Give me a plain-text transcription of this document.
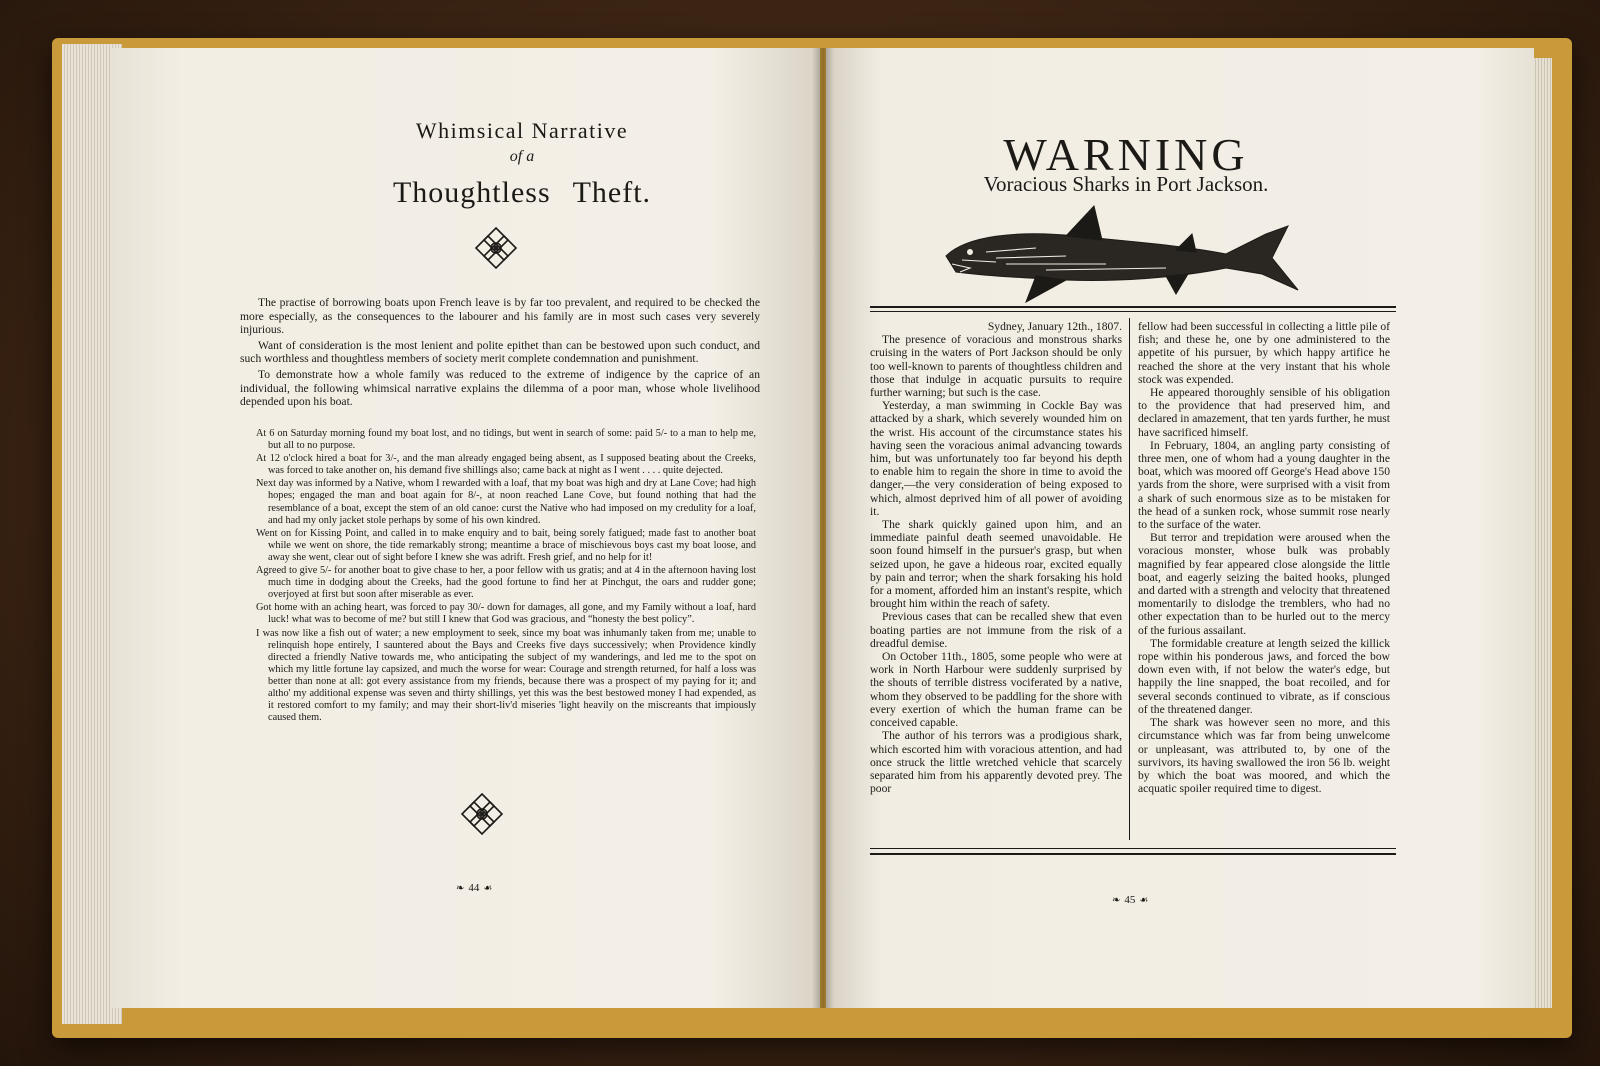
Whimsical Narrative
of a
Thoughtless Theft.

The practise of borrowing boats upon French leave is by far too prevalent, and required to be checked the more especially, as the consequences to the labourer and his family are in most such cases very severely injurious.

Want of consideration is the most lenient and polite epithet than can be bestowed upon such conduct, and such worthless and thoughtless members of society merit complete condemnation and punishment.

To demonstrate how a whole family was reduced to the extreme of indigence by the caprice of an individual, the following whimsical narrative explains the dilemma of a poor man, whose whole livelihood depended upon his boat.

At 6 on Saturday morning found my boat lost, and no tidings, but went in search of some: paid 5/- to a man to help me, but all to no purpose.

At 12 o'clock hired a boat for 3/-, and the man already engaged being absent, as I supposed beating about the Creeks, was forced to take another on, his demand five shillings also; came back at night as I went . . . . quite dejected.

Next day was informed by a Native, whom I rewarded with a loaf, that my boat was high and dry at Lane Cove; had high hopes; engaged the man and boat again for 8/-, at noon reached Lane Cove, but found nothing that had the resemblance of a boat, except the stem of an old canoe: curst the Native who had imposed on my credulity for a loaf, and had my only jacket stole perhaps by some of his own kindred.

Went on for Kissing Point, and called in to make enquiry and to bait, being sorely fatigued; made fast to another boat while we went on shore, the tide remarkably strong; meantime a brace of mischievous boys cast my boat loose, and away she went, clear out of sight before I knew she was adrift. Fresh grief, and no help for it!

Agreed to give 5/- for another boat to give chase to her, a poor fellow with us gratis; and at 4 in the afternoon having lost much time in dodging about the Creeks, had the good fortune to find her at Pinchgut, the oars and rudder gone; overjoyed at first but soon after miserable as ever.

Got home with an aching heart, was forced to pay 30/- down for damages, all gone, and my Family without a loaf, hard luck! what was to become of me? but still I knew that God was gracious, and “honesty the best policy”.

I was now like a fish out of water; a new employment to seek, since my boat was inhumanly taken from me; unable to relinquish hope entirely, I sauntered about the Bays and Creeks five days successively; when Providence kindly directed a friendly Native towards me, who anticipating the subject of my wanderings, and led me to the spot on which my little fortune lay capsized, and much the worse for wear: Courage and strength returned, for half a loss was better than none at all: got every assistance from my friends, because there was a prospect of my paying for it; and altho' my additional expense was seven and thirty shillings, yet this was the best bestowed money I had expended, as it restored comfort to my family; and may their short-liv'd miseries 'light heavily on the miscreants that impiously caused them.

❧ 44 ☙
WARNING
Voracious Sharks in Port Jackson.

Sydney, January 12th., 1807.

The presence of voracious and monstrous sharks cruising in the waters of Port Jackson should be only too well-known to parents of thoughtless children and those that indulge in acquatic pursuits to require further warning; but such is the case.

Yesterday, a man swimming in Cockle Bay was attacked by a shark, which severely wounded him on the wrist. His account of the circumstance states his having seen the voracious animal advancing towards him, but was unfortunately too far beyond his depth to enable him to regain the shore in time to avoid the danger,—the very consideration of being exposed to which, almost deprived him of all power of avoiding it.

The shark quickly gained upon him, and an immediate painful death seemed unavoidable. He soon found himself in the pursuer's grasp, but when seized upon, he gave a hideous roar, excited equally by pain and terror; when the shark forsaking his hold for a moment, afforded him an instant's respite, which brought him within the reach of safety.

Previous cases that can be recalled shew that even boating parties are not immune from the risk of a dreadful demise.

On October 11th., 1805, some people who were at work in North Harbour were suddenly surprised by the shouts of terrible distress vociferated by a native, whom they observed to be paddling for the shore with every exertion of which the human frame can be conceived capable.

The author of his terrors was a prodigious shark, which escorted him with voracious attention, and had once struck the little wretched vehicle that scarcely separated him from his apparently devoted prey. The poor

fellow had been successful in collecting a little pile of fish; and these he, one by one administered to the appetite of his pursuer, by which happy artifice he reached the shore at the very instant that his whole stock was expended.

He appeared thoroughly sensible of his obligation to the providence that had preserved him, and declared in amazement, that ten yards further, he must have sacrificed himself.

In February, 1804, an angling party consisting of three men, one of whom had a young daughter in the boat, which was moored off George's Head above 150 yards from the shore, were surprised with a visit from a shark of such enormous size as to be mistaken for the head of a sunken rock, whose summit rose nearly to the surface of the water.

But terror and trepidation were aroused when the voracious monster, whose bulk was probably magnified by fear appeared close alongside the little boat, and eagerly seizing the baited hooks, plunged and darted with a strength and velocity that threatened momentarily to dislodge the tremblers, who had no other expectation than to be hurled out to the mercy of the furious assailant.

The formidable creature at length seized the killick rope within his ponderous jaws, and forced the bow down even with, if not below the water's edge, but happily the line snapped, the boat recoiled, and for several seconds continued to vibrate, as if conscious of the threatened danger.

The shark was however seen no more, and this circumstance which was far from being unwelcome or unpleasant, was attributed to, by one of the survivors, its having swallowed the iron 56 lb. weight by which the boat was moored, and which the acquatic spoiler required time to digest.

❧ 45 ☙
